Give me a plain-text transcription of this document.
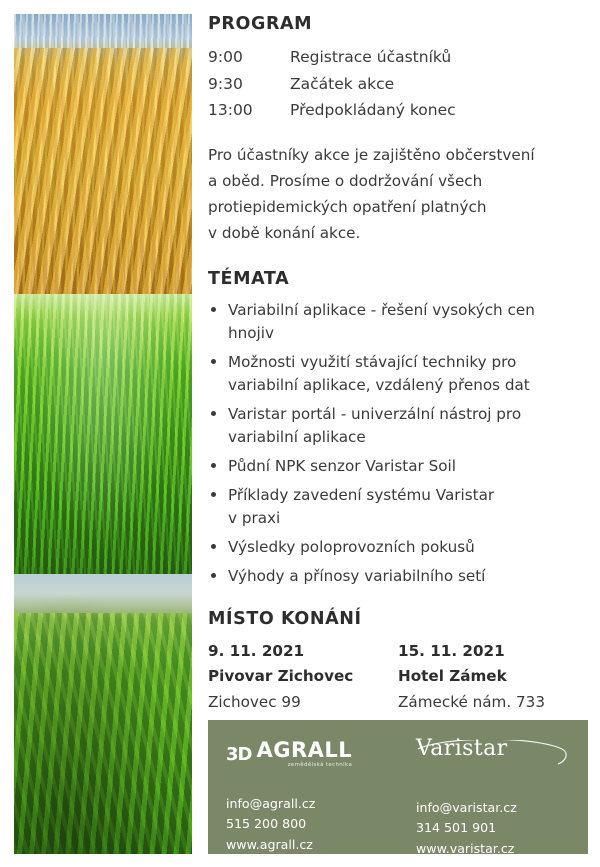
PROGRAM
9:00	Registrace účastníků
9:30	Začátek akce
13:00	Předpokládaný konec
Pro účastníky akce je zajištěno občerstvení
a oběd. Prosíme o dodržování všech
protiepidemických opatření platných
v době konání akce.
TÉMATA
Variabilní aplikace - řešení vysokých cen
hnojiv
Možnosti využití stávající techniky pro
variabilní aplikace, vzdálený přenos dat
Varistar portál - univerzální nástroj pro
variabilní aplikace
Půdní NPK senzor Varistar Soil
Příklady zavedení systému Varistar
v praxi
Výsledky poloprovozních pokusů
Výhody a přínosy variabilního setí
MÍSTO KONÁNÍ
9. 11. 2021
Pivovar Zichovec
Zichovec 99
15. 11. 2021
Hotel Zámek
Zámecké nám. 733
3D AGRALL
zemědělská technika
info@agrall.cz
515 200 800
www.agrall.cz
Varistar
info@varistar.cz
314 501 901
www.varistar.cz
